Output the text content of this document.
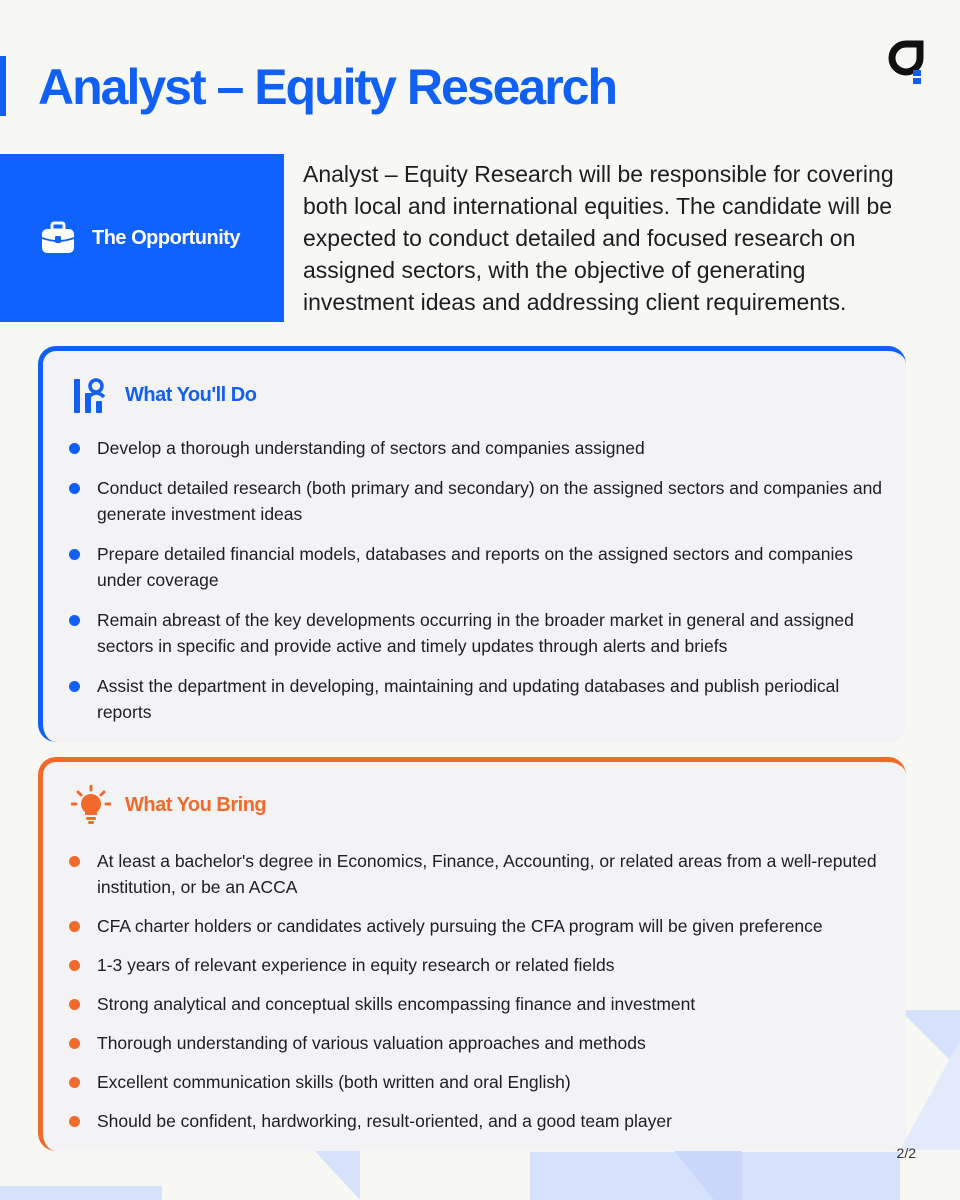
Analyst – Equity Research
The Opportunity

Analyst – Equity Research will be responsible for covering both local and international equities. The candidate will be expected to conduct detailed and focused research on assigned sectors, with the objective of generating investment ideas and addressing client requirements.

What You'll Do
Develop a thorough understanding of sectors and companies assigned
Conduct detailed research (both primary and secondary) on the assigned sectors and companies and generate investment ideas
Prepare detailed financial models, databases and reports on the assigned sectors and companies under coverage
Remain abreast of the key developments occurring in the broader market in general and assigned sectors in specific and provide active and timely updates through alerts and briefs
Assist the department in developing, maintaining and updating databases and publish periodical reports
What You Bring
At least a bachelor's degree in Economics, Finance, Accounting, or related areas from a well-reputed institution, or be an ACCA
CFA charter holders or candidates actively pursuing the CFA program will be given preference
1-3 years of relevant experience in equity research or related fields
Strong analytical and conceptual skills encompassing finance and investment
Thorough understanding of various valuation approaches and methods
Excellent communication skills (both written and oral English)
Should be confident, hardworking, result-oriented, and a good team player
2/2
